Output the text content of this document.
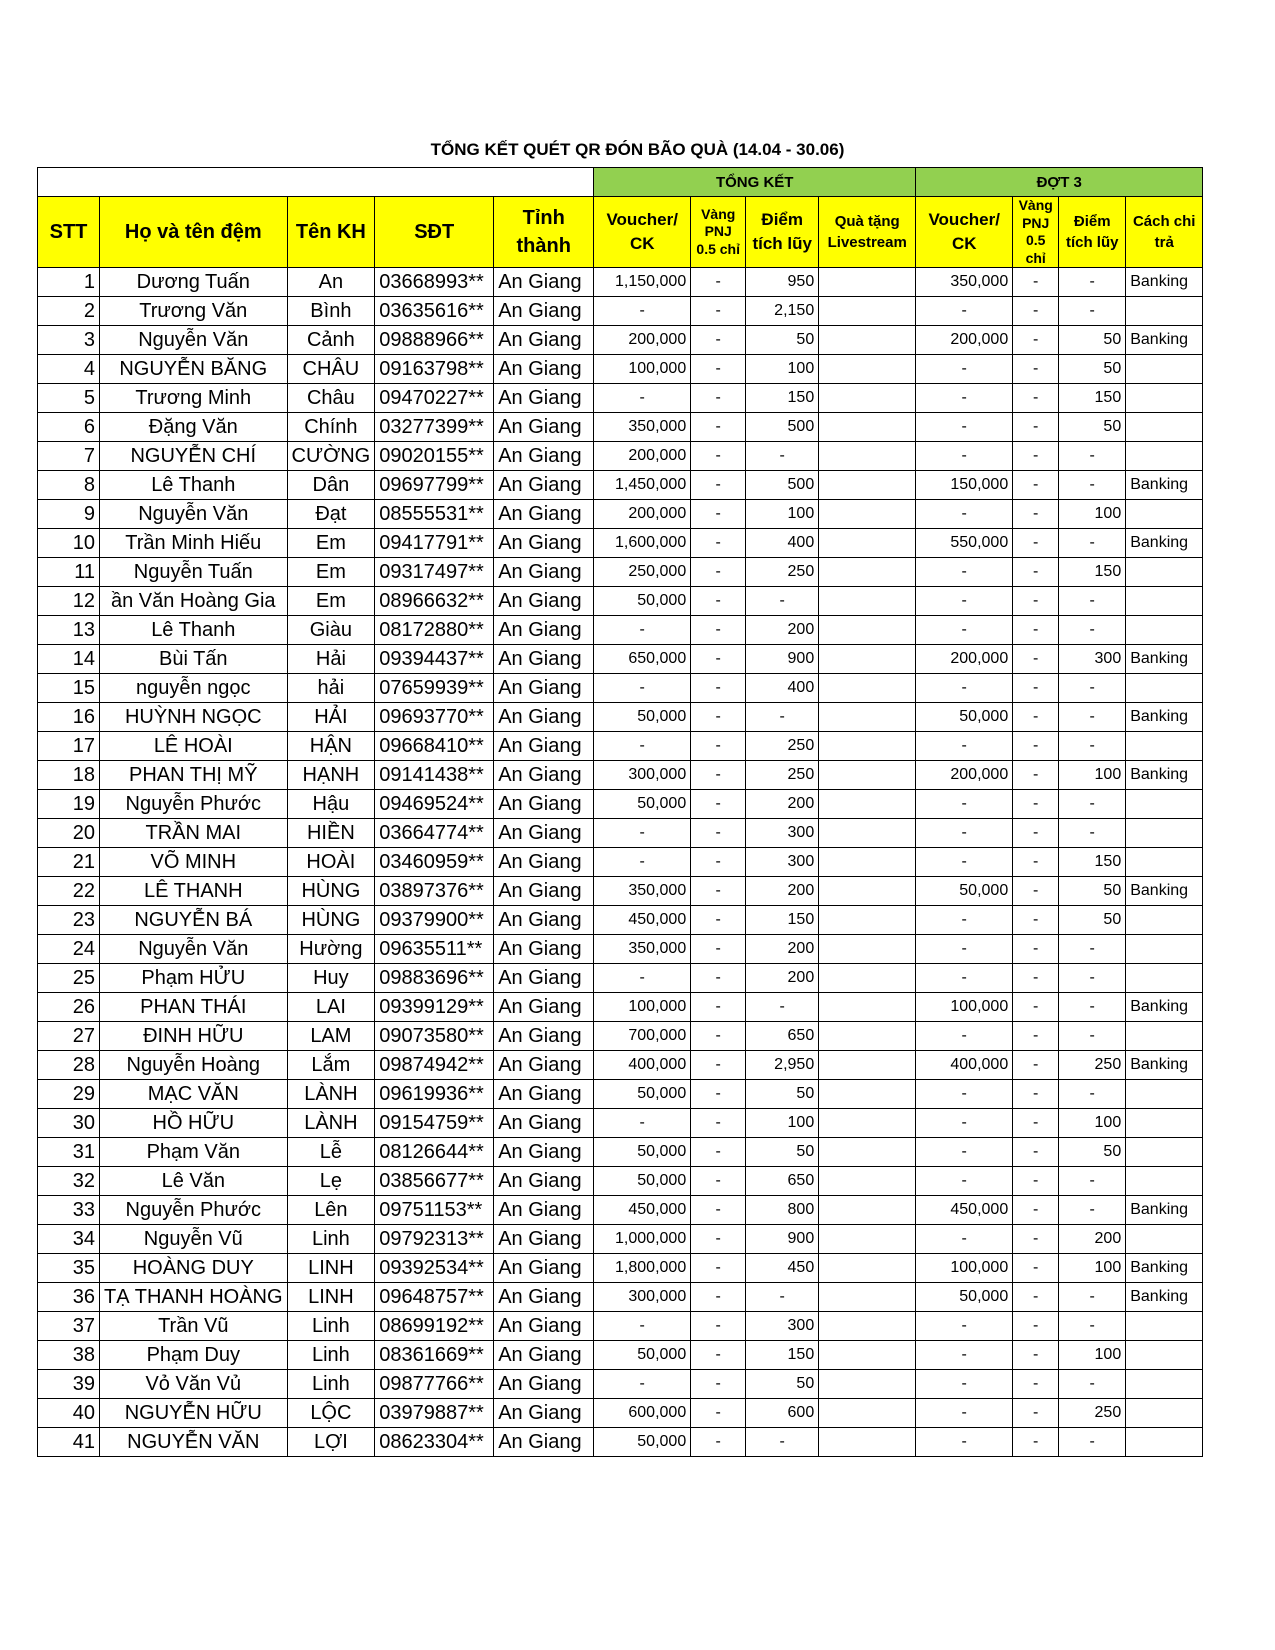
TỔNG KẾT QUÉT QR ĐÓN BÃO QUÀ (14.04 - 30.06)
					TỔNG KẾT				ĐỢT 3			
STT	Họ và tên đệm	Tên KH	SĐT	Tỉnh thành	Voucher/ CK	Vàng PNJ 0.5 chỉ	Điểm tích lũy	Quà tặng Livestream	Voucher/ CK	Vàng PNJ 0.5 chỉ	Điểm tích lũy	Cách chi trả
1	Dương Tuấn	An	03668993**	An Giang	1,150,000	-	950		350,000	-	-	Banking
2	Trương Văn	Bình	03635616**	An Giang	-	-	2,150		-	-	-	
3	Nguyễn Văn	Cảnh	09888966**	An Giang	200,000	-	50		200,000	-	50	Banking
4	NGUYỄN BĂNG	CHÂU	09163798**	An Giang	100,000	-	100		-	-	50	
5	Trương Minh	Châu	09470227**	An Giang	-	-	150		-	-	150	
6	Đặng Văn	Chính	03277399**	An Giang	350,000	-	500		-	-	50	
7	NGUYỄN CHÍ	CƯỜNG	09020155**	An Giang	200,000	-	-		-	-	-	
8	Lê Thanh	Dân	09697799**	An Giang	1,450,000	-	500		150,000	-	-	Banking
9	Nguyễn Văn	Đạt	08555531**	An Giang	200,000	-	100		-	-	100	
10	Trần Minh Hiếu	Em	09417791**	An Giang	1,600,000	-	400		550,000	-	-	Banking
11	Nguyễn Tuấn	Em	09317497**	An Giang	250,000	-	250		-	-	150	
12	ần Văn Hoàng Gia	Em	08966632**	An Giang	50,000	-	-		-	-	-	
13	Lê Thanh	Giàu	08172880**	An Giang	-	-	200		-	-	-	
14	Bùi Tấn	Hải	09394437**	An Giang	650,000	-	900		200,000	-	300	Banking
15	nguyễn ngọc	hải	07659939**	An Giang	-	-	400		-	-	-	
16	HUỲNH NGỌC	HẢI	09693770**	An Giang	50,000	-	-		50,000	-	-	Banking
17	LÊ HOÀI	HẬN	09668410**	An Giang	-	-	250		-	-	-	
18	PHAN THỊ MỸ	HẠNH	09141438**	An Giang	300,000	-	250		200,000	-	100	Banking
19	Nguyễn Phước	Hậu	09469524**	An Giang	50,000	-	200		-	-	-	
20	TRẦN MAI	HIỀN	03664774**	An Giang	-	-	300		-	-	-	
21	VÕ MINH	HOÀI	03460959**	An Giang	-	-	300		-	-	150	
22	LÊ THANH	HÙNG	03897376**	An Giang	350,000	-	200		50,000	-	50	Banking
23	NGUYỄN BÁ	HÙNG	09379900**	An Giang	450,000	-	150		-	-	50	
24	Nguyễn Văn	Hường	09635511**	An Giang	350,000	-	200		-	-	-	
25	Phạm HỬU	Huy	09883696**	An Giang	-	-	200		-	-	-	
26	PHAN THÁI	LAI	09399129**	An Giang	100,000	-	-		100,000	-	-	Banking
27	ĐINH HỮU	LAM	09073580**	An Giang	700,000	-	650		-	-	-	
28	Nguyễn Hoàng	Lắm	09874942**	An Giang	400,000	-	2,950		400,000	-	250	Banking
29	MẠC VĂN	LÀNH	09619936**	An Giang	50,000	-	50		-	-	-	
30	HỒ HỮU	LÀNH	09154759**	An Giang	-	-	100		-	-	100	
31	Phạm Văn	Lễ	08126644**	An Giang	50,000	-	50		-	-	50	
32	Lê Văn	Lẹ	03856677**	An Giang	50,000	-	650		-	-	-	
33	Nguyễn Phước	Lên	09751153**	An Giang	450,000	-	800		450,000	-	-	Banking
34	Nguyễn Vũ	Linh	09792313**	An Giang	1,000,000	-	900		-	-	200	
35	HOÀNG DUY	LINH	09392534**	An Giang	1,800,000	-	450		100,000	-	100	Banking
36	TẠ THANH HOÀNG	LINH	09648757**	An Giang	300,000	-	-		50,000	-	-	Banking
37	Trần Vũ	Linh	08699192**	An Giang	-	-	300		-	-	-	
38	Phạm Duy	Linh	08361669**	An Giang	50,000	-	150		-	-	100	
39	Vỏ Văn Vủ	Linh	09877766**	An Giang	-	-	50		-	-	-	
40	NGUYỄN HỮU	LỘC	03979887**	An Giang	600,000	-	600		-	-	250	
41	NGUYỄN VĂN	LỢI	08623304**	An Giang	50,000	-	-		-	-	-	
